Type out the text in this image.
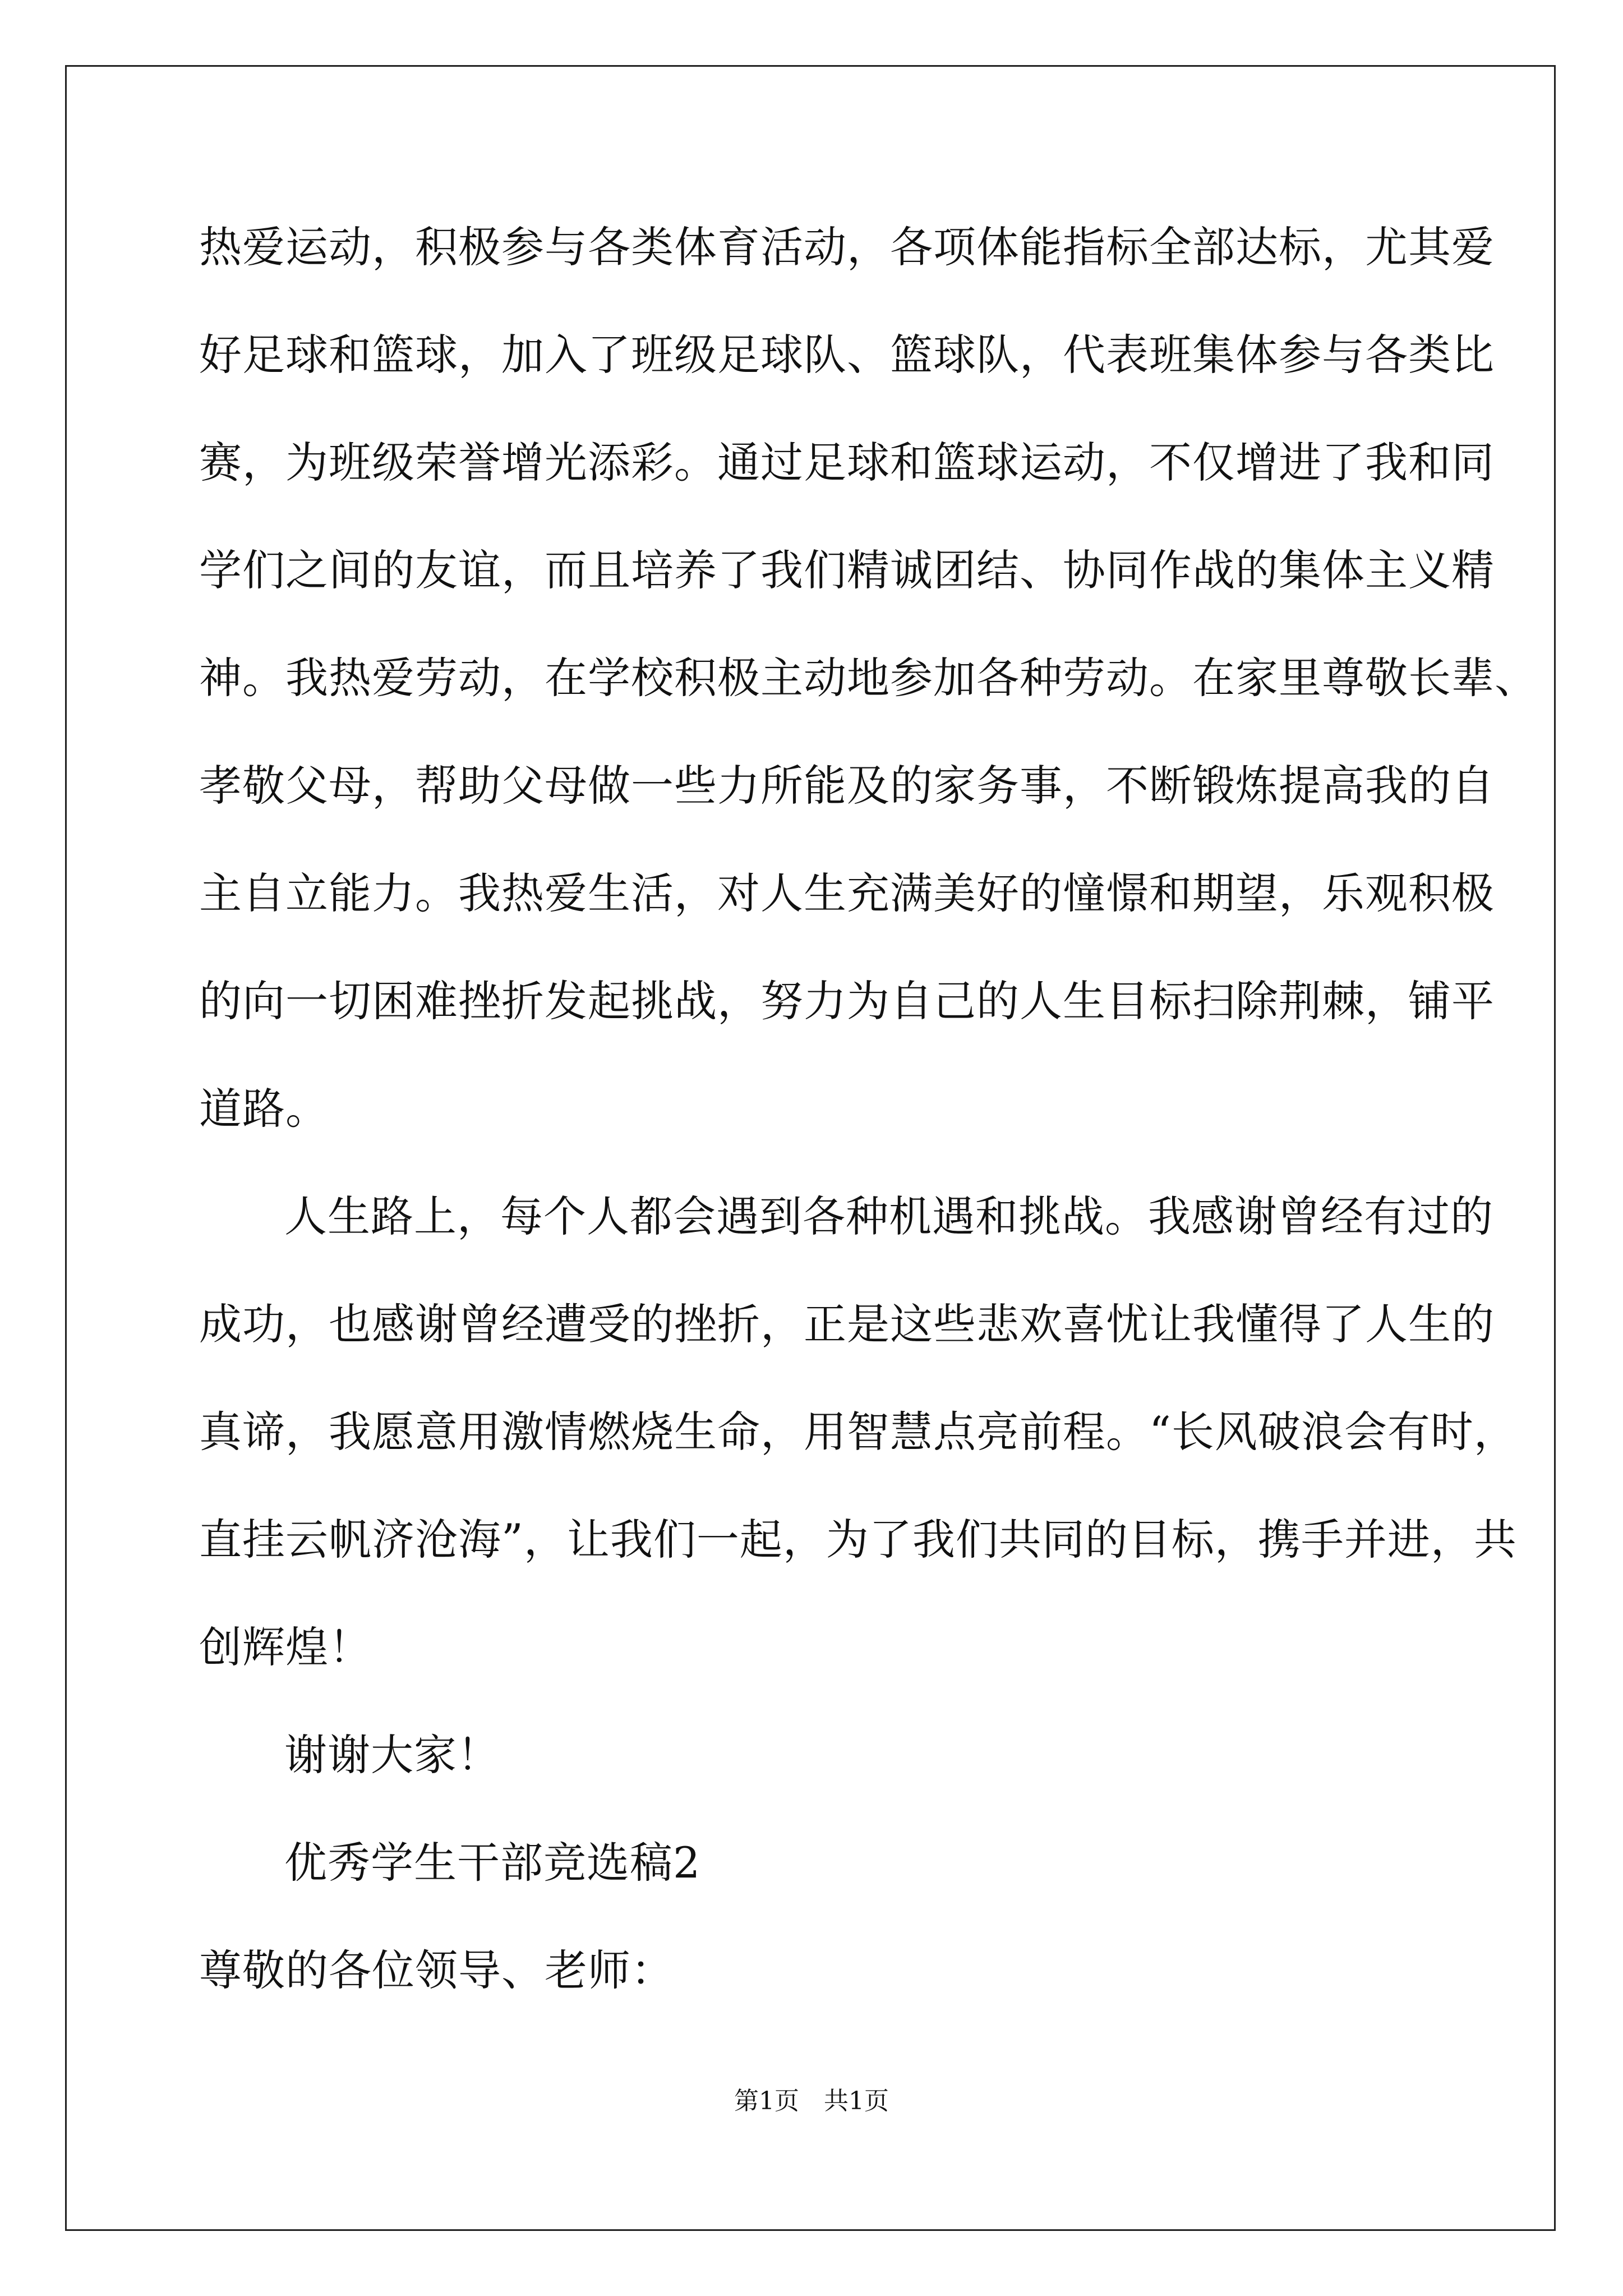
热爱运动，积极参与各类体育活动，各项体能指标全部达标，尤其爱
好足球和篮球，加入了班级足球队、篮球队，代表班集体参与各类比
赛，为班级荣誉增光添彩。通过足球和篮球运动，不仅增进了我和同
学们之间的友谊，而且培养了我们精诚团结、协同作战的集体主义精
神。我热爱劳动，在学校积极主动地参加各种劳动。在家里尊敬长辈、
孝敬父母，帮助父母做一些力所能及的家务事，不断锻炼提高我的自
主自立能力。我热爱生活，对人生充满美好的憧憬和期望，乐观积极
的向一切困难挫折发起挑战，努力为自己的人生目标扫除荆棘，铺平
道路。
人生路上，每个人都会遇到各种机遇和挑战。我感谢曾经有过的
成功，也感谢曾经遭受的挫折，正是这些悲欢喜忧让我懂得了人生的
真谛，我愿意用激情燃烧生命，用智慧点亮前程。“长风破浪会有时，
直挂云帆济沧海”，让我们一起，为了我们共同的目标，携手并进，共
创辉煌！
谢谢大家！
优秀学生干部竞选稿2
尊敬的各位领导、老师：
第1页　共1页
